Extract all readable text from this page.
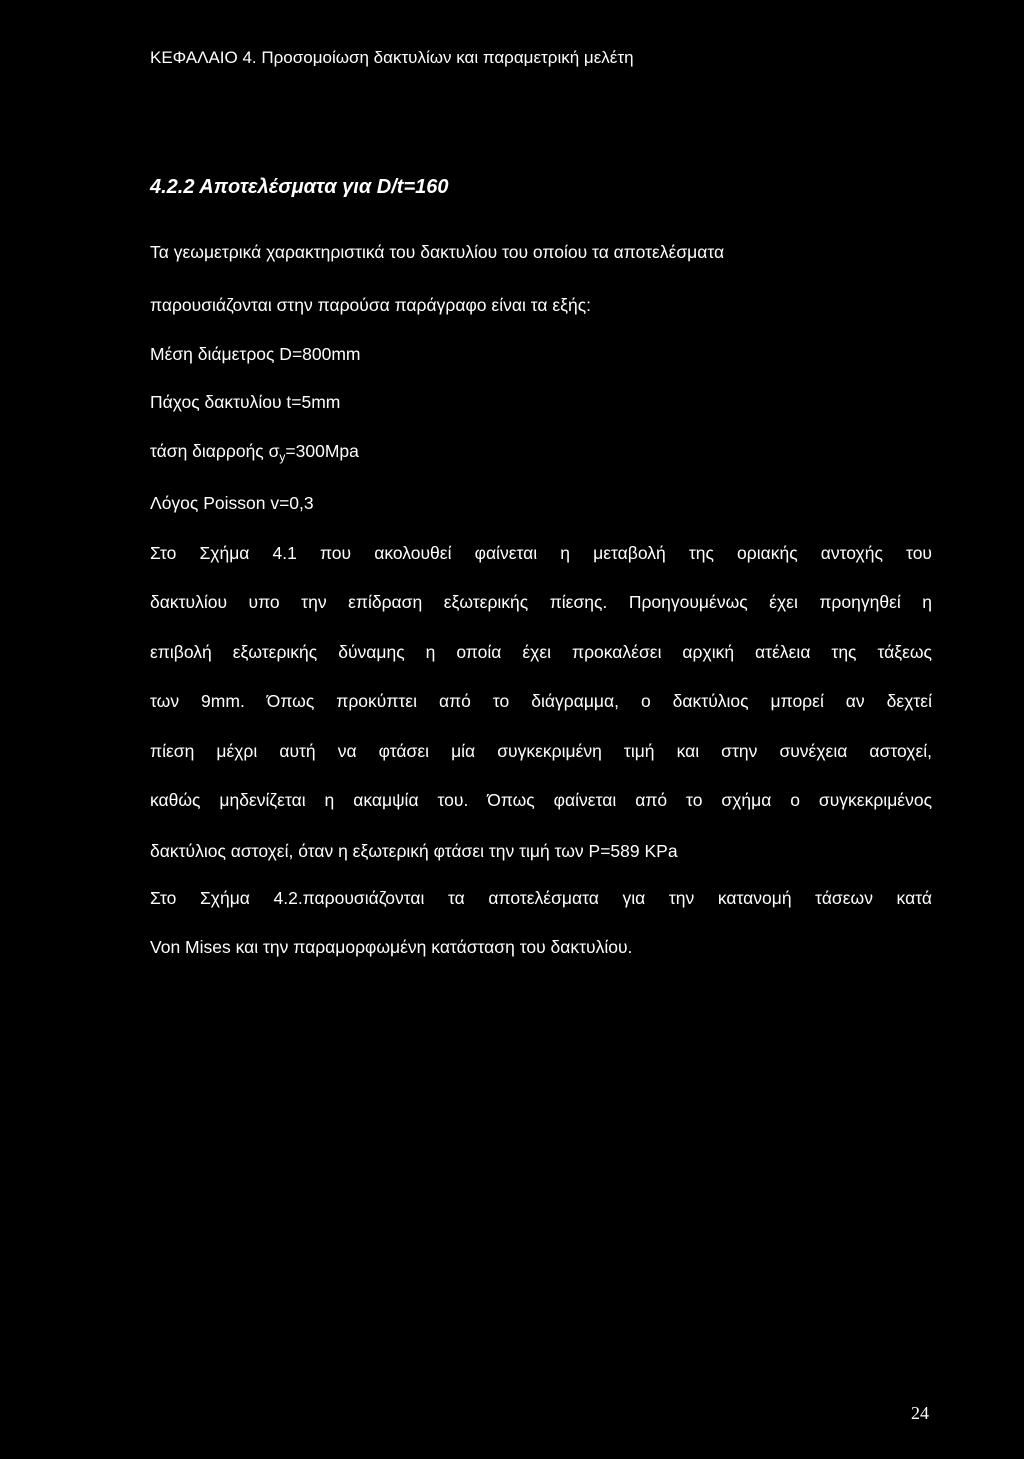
ΚΕΦΑΛΑΙΟ 4. Προσομοίωση δακτυλίων και παραμετρική μελέτη
4.2.2 Αποτελέσματα για D/t=160
Τα γεωμετρικά χαρακτηριστικά του δακτυλίου του οποίου τα αποτελέσματα
παρουσιάζονται στην παρούσα παράγραφο είναι τα εξής:
Μέση διάμετρος D=800mm
Πάχος δακτυλίου t=5mm
τάση διαρροής $\sigma_y=300Mpa$
Λόγος Poisson v=0,3
Στο Σχήμα 4.1 που ακολουθεί φαίνεται η μεταβολή της οριακής αντοχής του
δακτυλίου υπο την επίδραση εξωτερικής πίεσης. Προηγουμένως έχει προηγηθεί η
επιβολή εξωτερικής δύναμης η οποία έχει προκαλέσει αρχική ατέλεια της τάξεως
των 9mm. Όπως προκύπτει από το διάγραμμα, ο δακτύλιος μπορεί αν δεχτεί
πίεση μέχρι αυτή να φτάσει μία συγκεκριμένη τιμή και στην συνέχεια αστοχεί,
καθώς μηδενίζεται η ακαμψία του. Όπως φαίνεται από το σχήμα ο συγκεκριμένος
δακτύλιος αστοχεί, όταν η εξωτερική φτάσει την τιμή των P=589 KPa
Στο Σχήμα 4.2.παρουσιάζονται τα αποτελέσματα για την κατανομή τάσεων κατά
Von Mises και την παραμορφωμένη κατάσταση του δακτυλίου.
24
